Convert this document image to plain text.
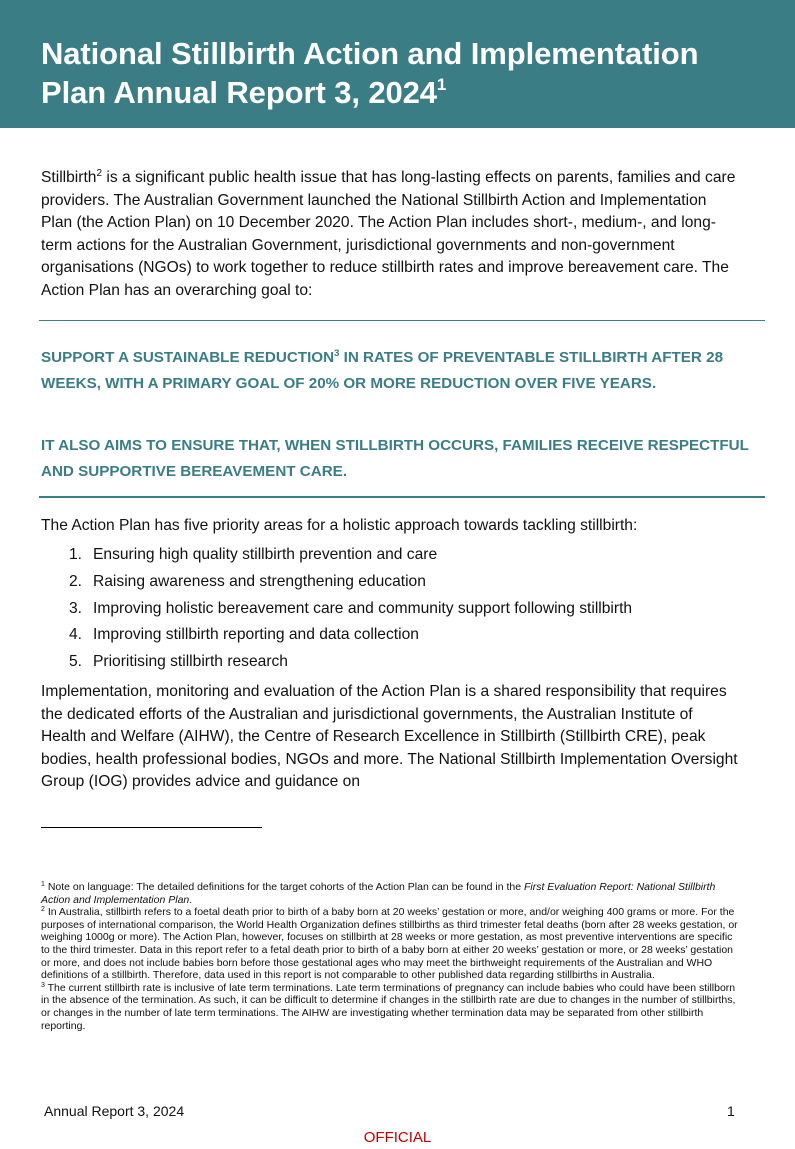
National Stillbirth Action and Implementation Plan Annual Report 3, 2024$^1$

Stillbirth$^2$ is a significant public health issue that has long-lasting effects on parents, families and care providers. The Australian Government launched the National Stillbirth Action and Implementation Plan (the Action Plan) on 10 December 2020. The Action Plan includes short-, medium-, and long-term actions for the Australian Government, jurisdictional governments and non-government organisations (NGOs) to work together to reduce stillbirth rates and improve bereavement care. The Action Plan has an overarching goal to:

SUPPORT A SUSTAINABLE REDUCTION$^3$ IN RATES OF PREVENTABLE STILLBIRTH AFTER 28 WEEKS, WITH A PRIMARY GOAL OF 20% OR MORE REDUCTION OVER FIVE YEARS.

IT ALSO AIMS TO ENSURE THAT, WHEN STILLBIRTH OCCURS, FAMILIES RECEIVE RESPECTFUL AND SUPPORTIVE BEREAVEMENT CARE.

The Action Plan has five priority areas for a holistic approach towards tackling stillbirth:

1. Ensuring high quality stillbirth prevention and care
2. Raising awareness and strengthening education
3. Improving holistic bereavement care and community support following stillbirth
4. Improving stillbirth reporting and data collection
5. Prioritising stillbirth research

Implementation, monitoring and evaluation of the Action Plan is a shared responsibility that requires the dedicated efforts of the Australian and jurisdictional governments, the Australian Institute of Health and Welfare (AIHW), the Centre of Research Excellence in Stillbirth (Stillbirth CRE), peak bodies, health professional bodies, NGOs and more. The National Stillbirth Implementation Oversight Group (IOG) provides advice and guidance on

$^1$ Note on language: The detailed definitions for the target cohorts of the Action Plan can be found in the First Evaluation Report: National Stillbirth Action and Implementation Plan.

$^2$ In Australia, stillbirth refers to a foetal death prior to birth of a baby born at 20 weeks’ gestation or more, and/or weighing 400 grams or more. For the purposes of international comparison, the World Health Organization defines stillbirths as third trimester fetal deaths (born after 28 weeks gestation, or weighing 1000g or more). The Action Plan, however, focuses on stillbirth at 28 weeks or more gestation, as most preventive interventions are specific to the third trimester. Data in this report refer to a fetal death prior to birth of a baby born at either 20 weeks’ gestation or more, or 28 weeks’ gestation or more, and does not include babies born before those gestational ages who may meet the birthweight requirements of the Australian and WHO definitions of a stillbirth. Therefore, data used in this report is not comparable to other published data regarding stillbirths in Australia.

$^3$ The current stillbirth rate is inclusive of late term terminations. Late term terminations of pregnancy can include babies who could have been stillborn in the absence of the termination. As such, it can be difficult to determine if changes in the stillbirth rate are due to changes in the number of stillbirths, or changes in the number of late term terminations. The AIHW are investigating whether termination data may be separated from other stillbirth reporting.

Annual Report 3, 2024	1
OFFICIAL
